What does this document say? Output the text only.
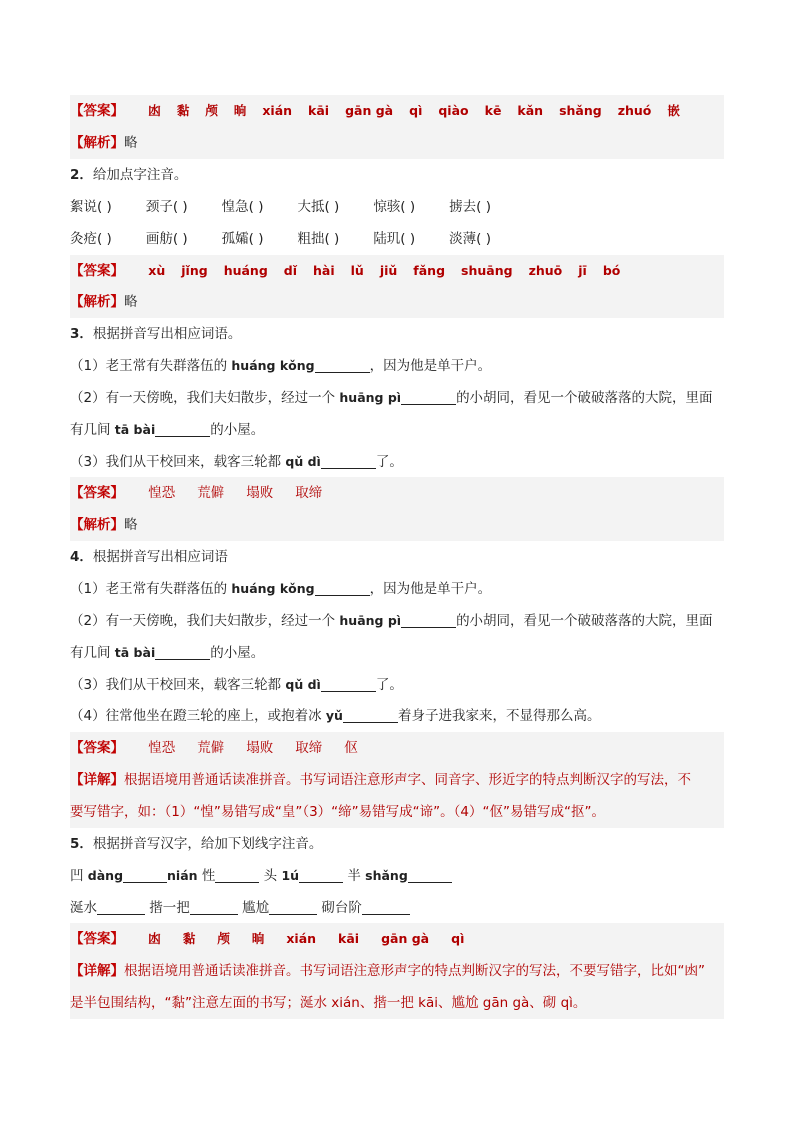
【答案】 凼 黏 颅 晌 xián kāi gān gà qì qiào kē kǎn shǎng zhuó 嵌
【解析】略
2．给加点字注音。
絮说( )	颈子( )	惶急( )	大抵( )	惊骇( )	掳去( )
灸疮( )	画舫( )	孤孀( )	粗拙( )	陆玑( )	淡薄( )
【答案】 xù jǐng huáng dǐ hài lǔ jiǔ fǎng shuāng zhuō jī bó
【解析】略
3．根据拼音写出相应词语。
（1）老王常有失群落伍的 huáng kǒng	，因为他是单干户。
（2）有一天傍晚，我们夫妇散步，经过一个 huāng pì	的小胡同，看见一个破破落落的大院，里面
有几间 tā bài	的小屋。
（3）我们从干校回来，载客三轮都 qǔ dì	了。
【答案】 惶恐 荒僻 塌败 取缔
【解析】略
4．根据拼音写出相应词语
（1）老王常有失群落伍的 huáng kǒng	，因为他是单干户。
（2）有一天傍晚，我们夫妇散步，经过一个 huāng pì	的小胡同，看见一个破破落落的大院，里面
有几间 tā bài	的小屋。
（3）我们从干校回来，载客三轮都 qǔ dì	了。
（4）往常他坐在蹬三轮的座上，或抱着冰 yǔ	着身子进我家来，不显得那么高。
【答案】 惶恐 荒僻 塌败 取缔 伛
【详解】根据语境用普通话读准拼音。书写词语注意形声字、同音字、形近字的特点判断汉字的写法，不
要写错字，如：（1）“惶”易错写成“皇”（3）“缔”易错写成“谛”。（4）“伛”易错写成“抠”。
5．根据拼音写汉字，给加下划线字注音。
凹 dàng	nián 性	头 1ú	半 shǎng
涎水	揩一把	尴尬	砌台阶
【答案】 凼 黏 颅 晌 xián kāi gān gà qì
【详解】根据语境用普通话读准拼音。书写词语注意形声字的特点判断汉字的写法，不要写错字，比如“凼”
是半包围结构，“黏”注意左面的书写；涎水 xián、揩一把 kāi、尴尬 gān gà、砌 qì。
